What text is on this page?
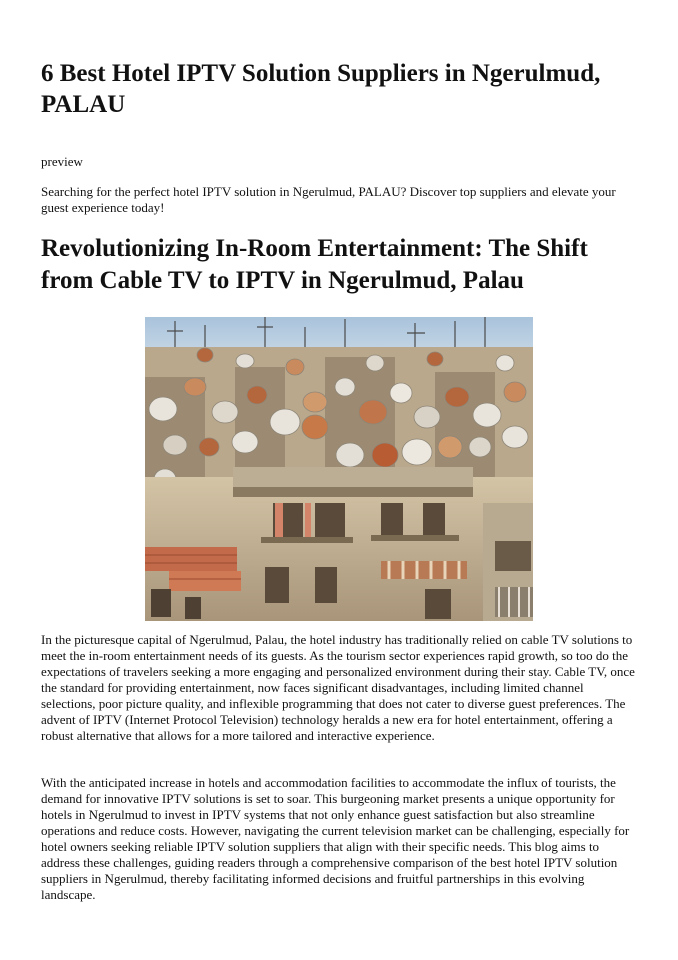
6 Best Hotel IPTV Solution Suppliers in Ngerulmud, PALAU

preview

Searching for the perfect hotel IPTV solution in Ngerulmud, PALAU? Discover top suppliers and elevate your guest experience today!

Revolutionizing In-Room Entertainment: The Shift from Cable TV to IPTV in Ngerulmud, Palau

In the picturesque capital of Ngerulmud, Palau, the hotel industry has traditionally relied on cable TV solutions to meet the in-room entertainment needs of its guests. As the tourism sector experiences rapid growth, so too do the expectations of travelers seeking a more engaging and personalized environment during their stay. Cable TV, once the standard for providing entertainment, now faces significant disadvantages, including limited channel selections, poor picture quality, and inflexible programming that does not cater to diverse guest preferences. The advent of IPTV (Internet Protocol Television) technology heralds a new era for hotel entertainment, offering a robust alternative that allows for a more tailored and interactive experience.

With the anticipated increase in hotels and accommodation facilities to accommodate the influx of tourists, the demand for innovative IPTV solutions is set to soar. This burgeoning market presents a unique opportunity for hotels in Ngerulmud to invest in IPTV systems that not only enhance guest satisfaction but also streamline operations and reduce costs. However, navigating the current television market can be challenging, especially for hotel owners seeking reliable IPTV solution suppliers that align with their specific needs. This blog aims to address these challenges, guiding readers through a comprehensive comparison of the best hotel IPTV solution suppliers in Ngerulmud, thereby facilitating informed decisions and fruitful partnerships in this evolving landscape.
